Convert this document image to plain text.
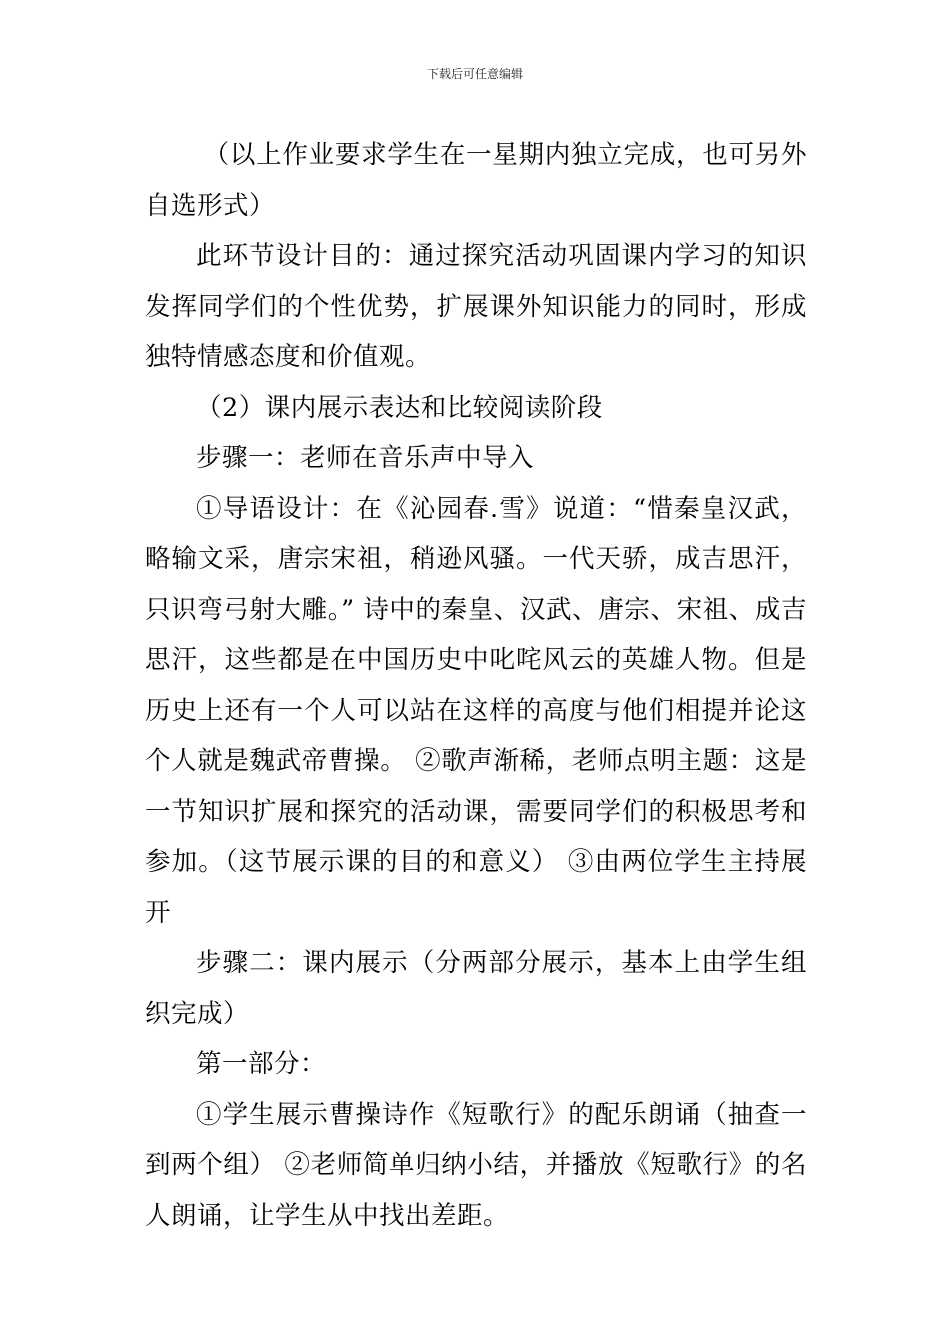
下载后可任意编辑

（以上作业要求学生在一星期内独立完成，也可另外自选形式）

此环节设计目的：通过探究活动巩固课内学习的知识发挥同学们的个性优势，扩展课外知识能力的同时，形成独特情感态度和价值观。

（2）课内展示表达和比较阅读阶段

步骤一：老师在音乐声中导入

①导语设计：在《沁园春.雪》说道：“惜秦皇汉武，略输文采，唐宗宋祖，稍逊风骚。一代天骄，成吉思汗，只识弯弓射大雕。” 诗中的秦皇、汉武、唐宗、宋祖、成吉思汗，这些都是在中国历史中叱咤风云的英雄人物。但是历史上还有一个人可以站在这样的高度与他们相提并论这个人就是魏武帝曹操。 ②歌声渐稀，老师点明主题：这是一节知识扩展和探究的活动课，需要同学们的积极思考和参加。（这节展示课的目的和意义） ③由两位学生主持展开

步骤二：课内展示（分两部分展示，基本上由学生组织完成）

第一部分：

①学生展示曹操诗作《短歌行》的配乐朗诵（抽查一到两个组） ②老师简单归纳小结，并播放《短歌行》的名人朗诵，让学生从中找出差距。
